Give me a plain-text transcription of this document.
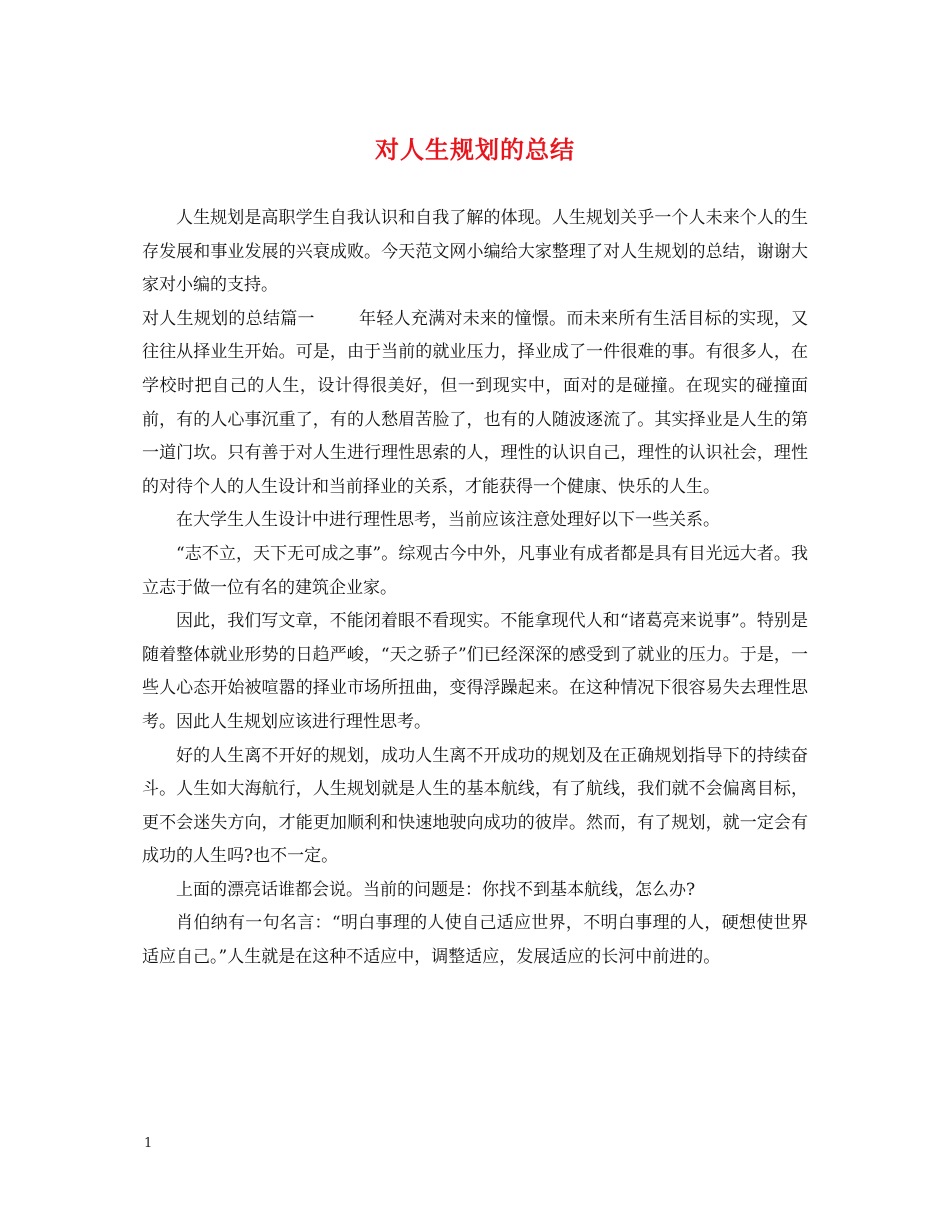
对人生规划的总结

人生规划是高职学生自我认识和自我了解的体现。人生规划关乎一个人未来个人的生存发展和事业发展的兴衰成败。今天范文网小编给大家整理了对人生规划的总结，谢谢大家对小编的支持。

对人生规划的总结篇一	年轻人充满对未来的憧憬。而未来所有生活目标的实现，又往往从择业生开始。可是，由于当前的就业压力，择业成了一件很难的事。有很多人，在学校时把自己的人生，设计得很美好，但一到现实中，面对的是碰撞。在现实的碰撞面前，有的人心事沉重了，有的人愁眉苦脸了，也有的人随波逐流了。其实择业是人生的第一道门坎。只有善于对人生进行理性思索的人，理性的认识自己，理性的认识社会，理性的对待个人的人生设计和当前择业的关系，才能获得一个健康、快乐的人生。

在大学生人生设计中进行理性思考，当前应该注意处理好以下一些关系。

“志不立，天下无可成之事”。综观古今中外，凡事业有成者都是具有目光远大者。我立志于做一位有名的建筑企业家。

因此，我们写文章，不能闭着眼不看现实。不能拿现代人和“诸葛亮来说事”。特别是随着整体就业形势的日趋严峻，“天之骄子”们已经深深的感受到了就业的压力。于是，一些人心态开始被喧嚣的择业市场所扭曲，变得浮躁起来。在这种情况下很容易失去理性思考。因此人生规划应该进行理性思考。

好的人生离不开好的规划，成功人生离不开成功的规划及在正确规划指导下的持续奋斗。人生如大海航行，人生规划就是人生的基本航线，有了航线，我们就不会偏离目标，更不会迷失方向，才能更加顺利和快速地驶向成功的彼岸。然而，有了规划，就一定会有成功的人生吗?也不一定。

上面的漂亮话谁都会说。当前的问题是：你找不到基本航线，怎么办?

肖伯纳有一句名言：“明白事理的人使自己适应世界，不明白事理的人，硬想使世界适应自己。”人生就是在这种不适应中，调整适应，发展适应的长河中前进的。

1
